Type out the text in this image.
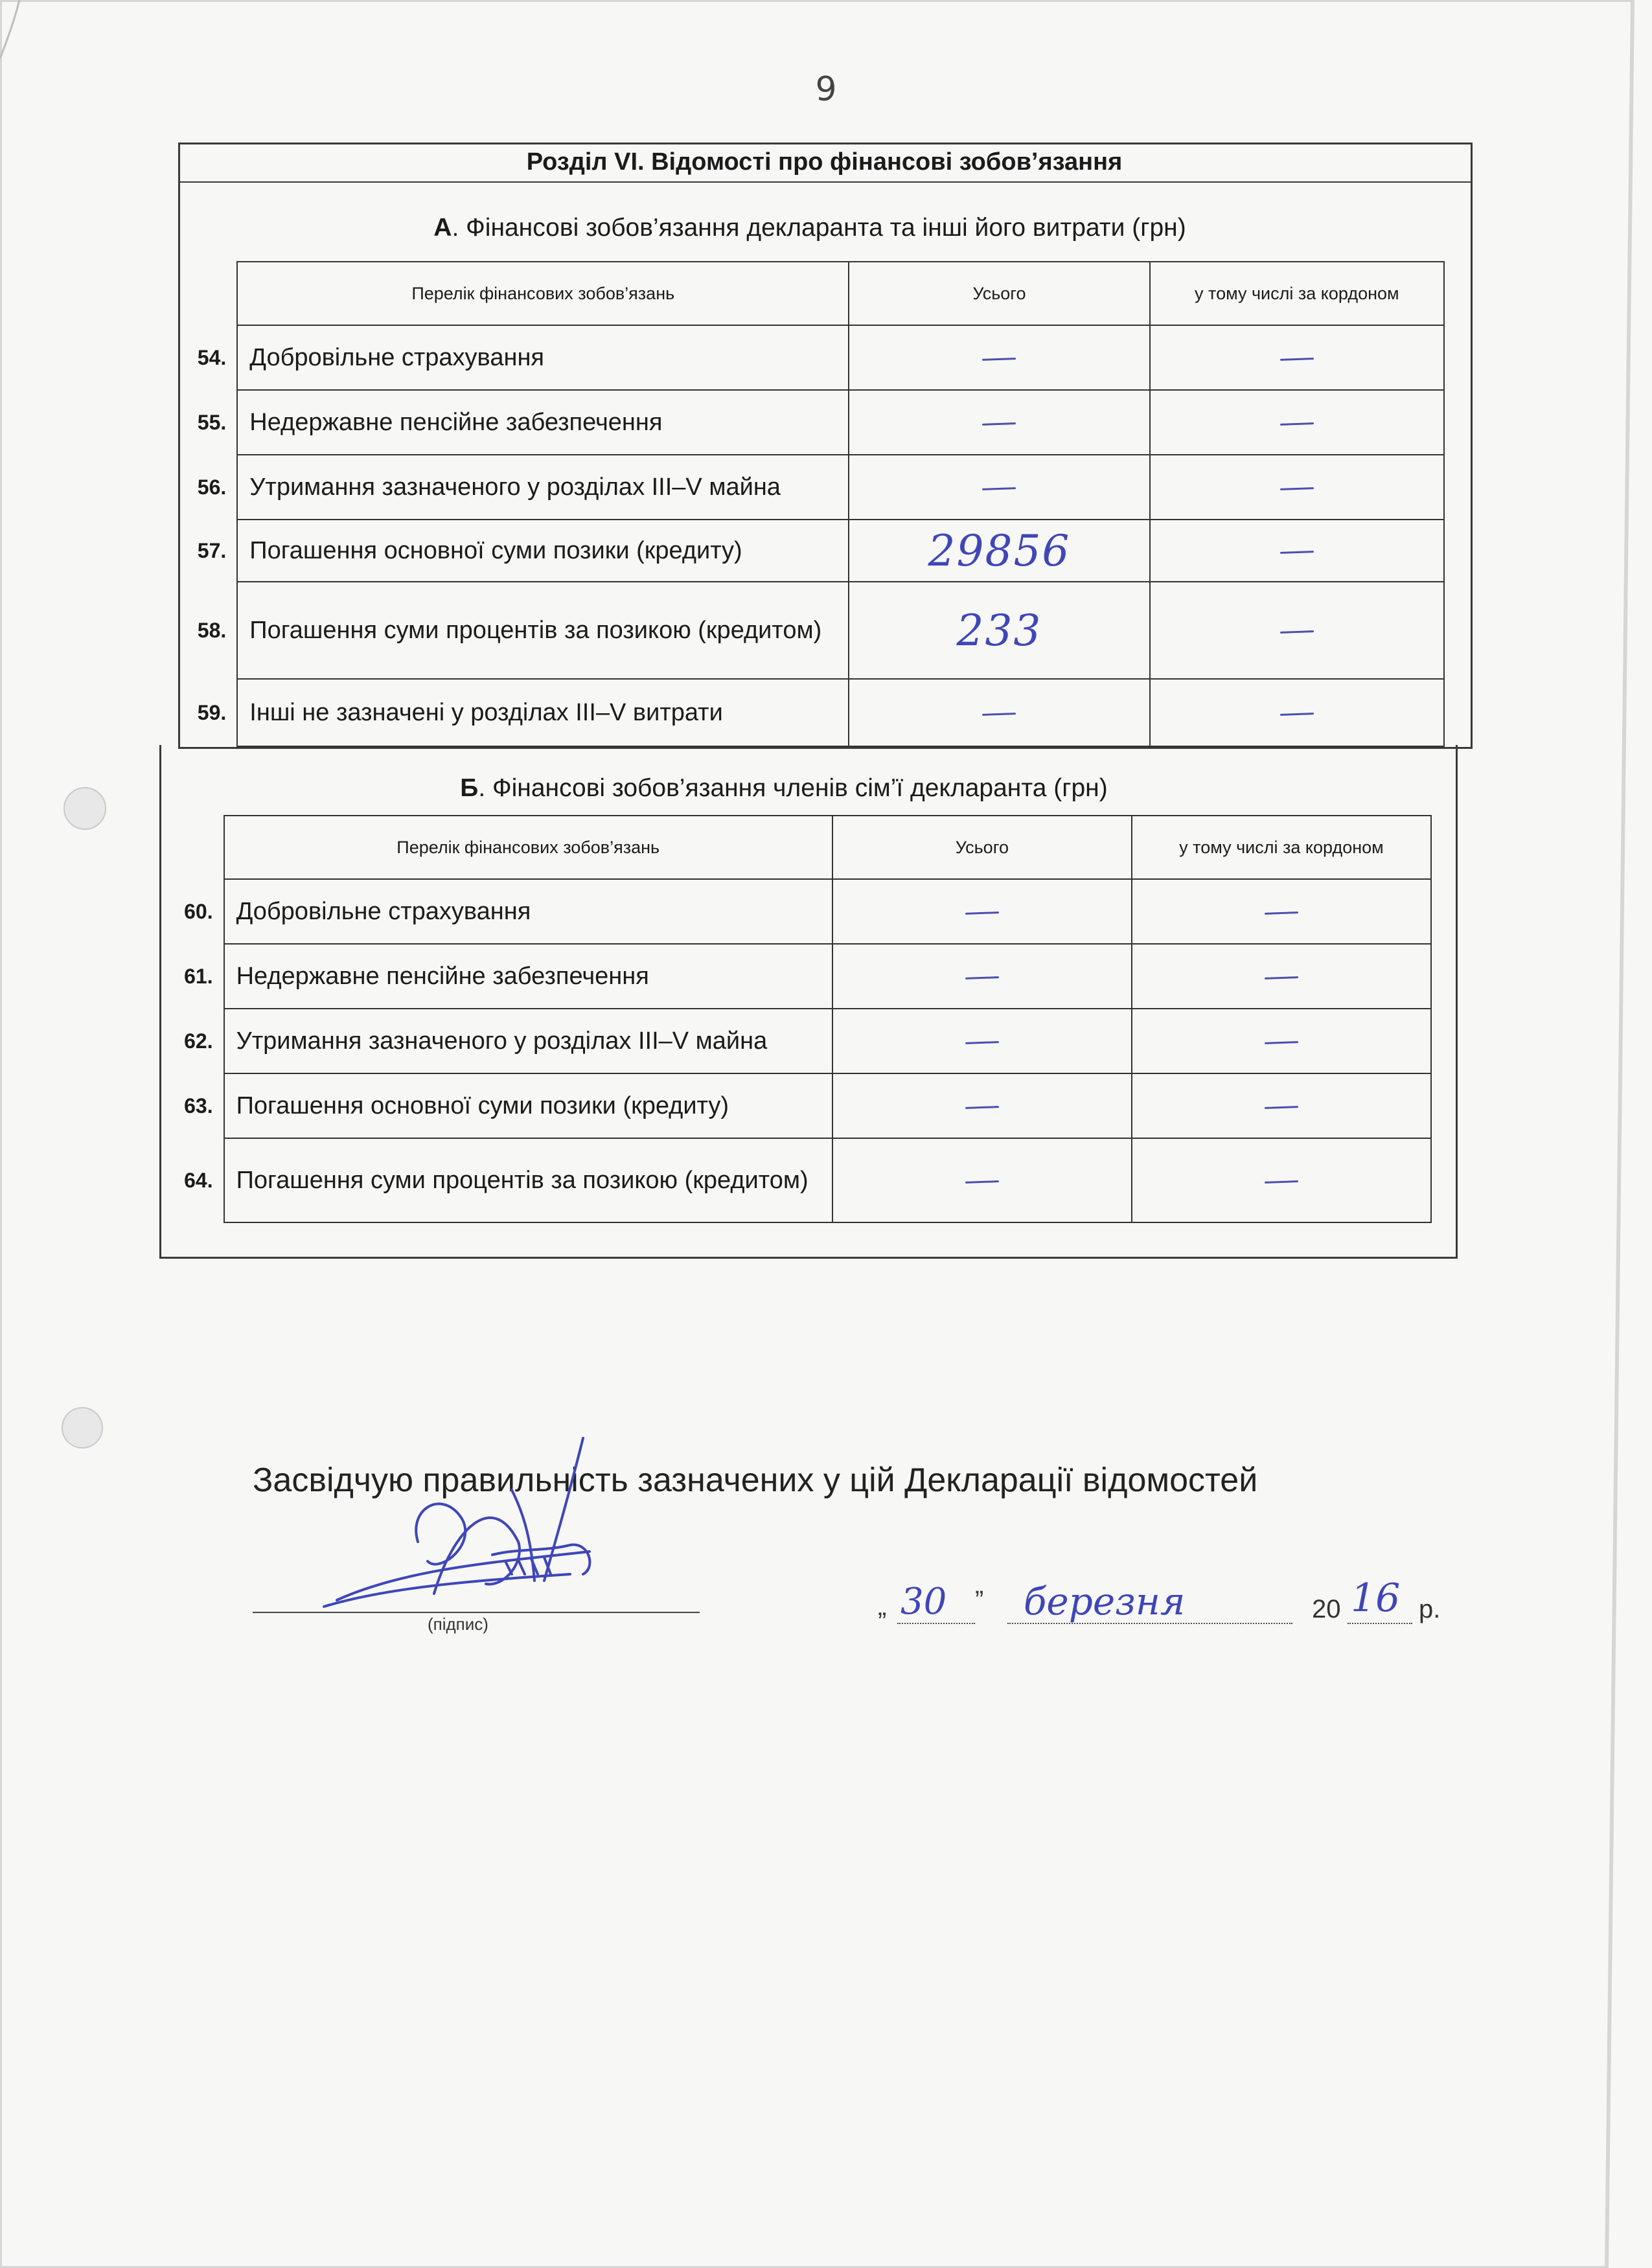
9
Розділ VI. Відомості про фінансові зобов’язання
А. Фінансові зобов’язання декларанта та інші його витрати (грн)
	Перелік фінансових зобов’язань	Усього	у тому числі за кордоном
54.	Добровільне страхування		
55.	Недержавне пенсійне забезпечення		
56.	Утримання зазначеного у розділах III–V майна		
57.	Погашення основної суми позики (кредиту)	29856	
58.	Погашення суми процентів за позикою (кредитом)	233	
59.	Інші не зазначені у розділах III–V витрати		
Б. Фінансові зобов’язання членів сім’ї декларанта (грн)
	Перелік фінансових зобов’язань	Усього	у тому числі за кордоном
60.	Добровільне страхування		
61.	Недержавне пенсійне забезпечення		
62.	Утримання зазначеного у розділах III–V майна		
63.	Погашення основної суми позики (кредиту)		
64.	Погашення суми процентів за позикою (кредитом)		
Засвідчую правильність зазначених у цій Декларації відомостей
(підпис)
„ 30 ” березня	20 16 р.
